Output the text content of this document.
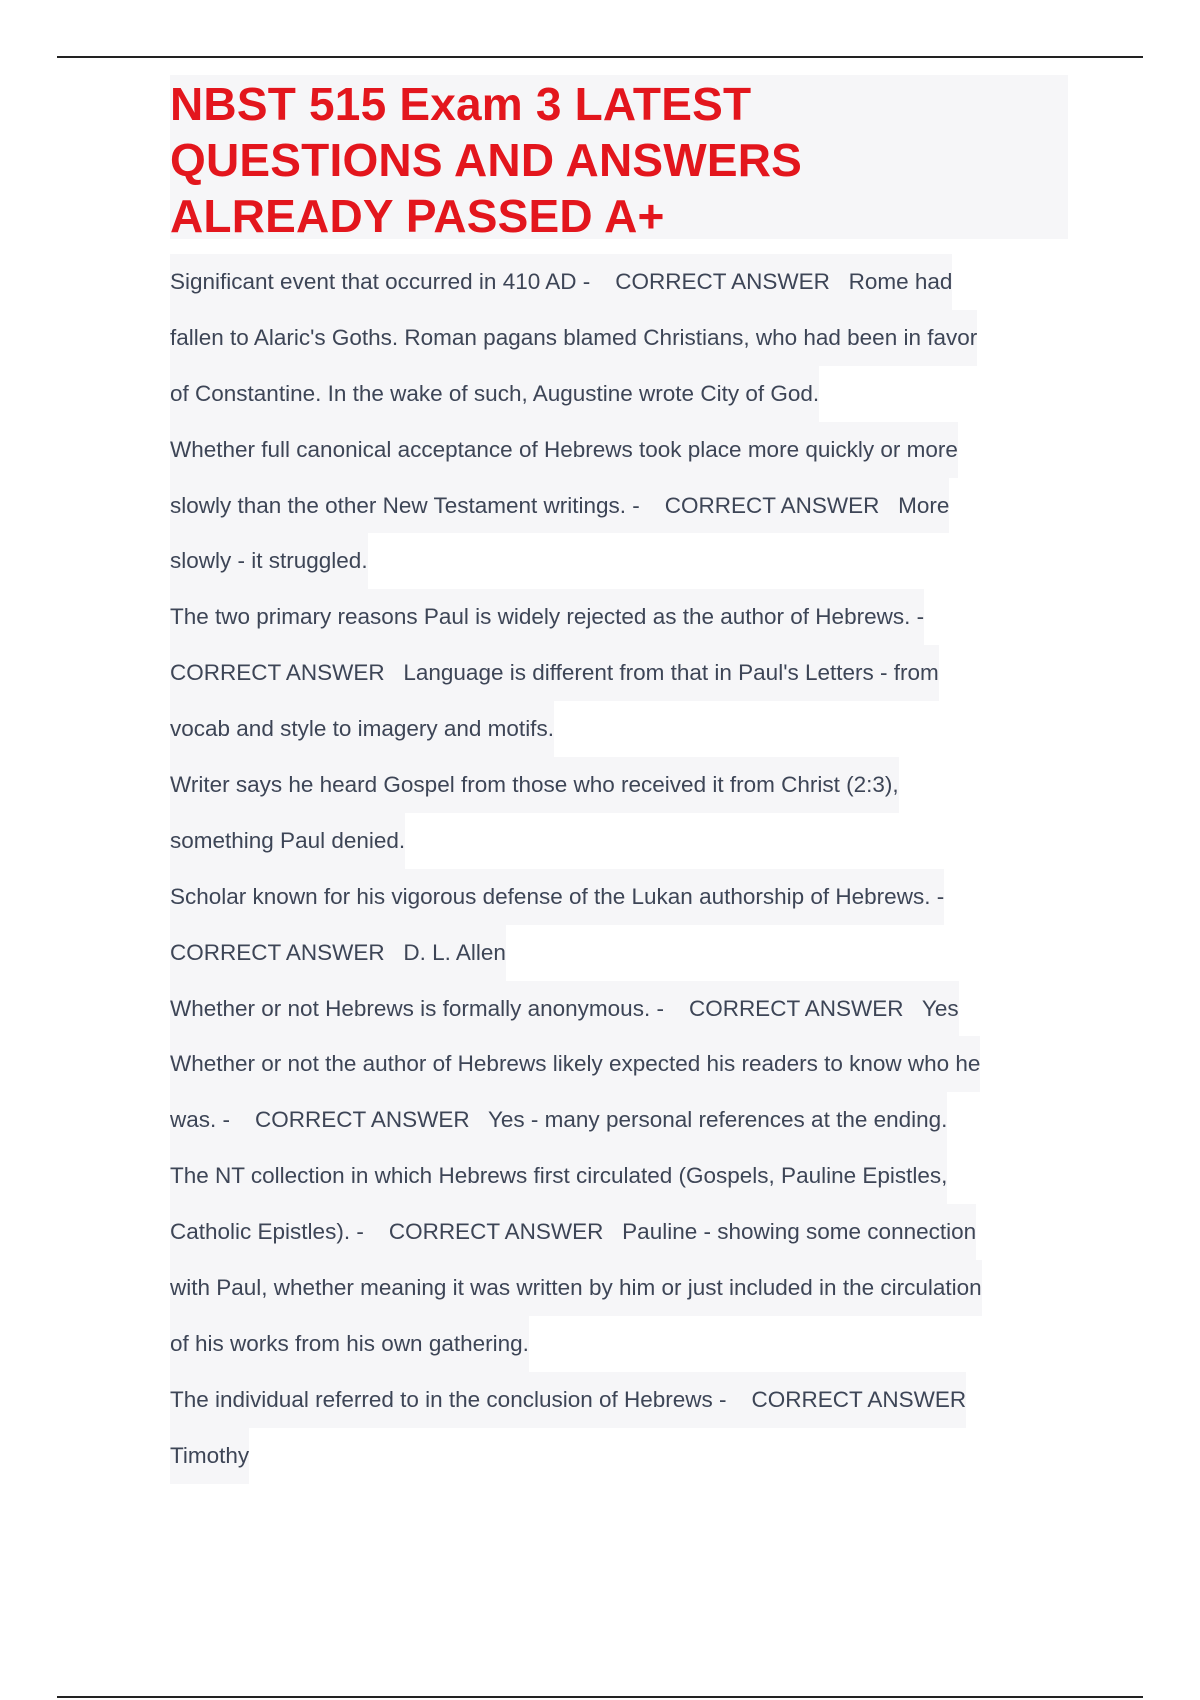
NBST 515 Exam 3 LATEST
QUESTIONS AND ANSWERS
ALREADY PASSED A+
Significant event that occurred in 410 AD -    CORRECT ANSWER   Rome had
fallen to Alaric's Goths. Roman pagans blamed Christians, who had been in favor
of Constantine. In the wake of such, Augustine wrote City of God.
Whether full canonical acceptance of Hebrews took place more quickly or more
slowly than the other New Testament writings. -    CORRECT ANSWER   More
slowly - it struggled.
The two primary reasons Paul is widely rejected as the author of Hebrews. -
CORRECT ANSWER   Language is different from that in Paul's Letters - from
vocab and style to imagery and motifs.
Writer says he heard Gospel from those who received it from Christ (2:3),
something Paul denied.
Scholar known for his vigorous defense of the Lukan authorship of Hebrews. -
CORRECT ANSWER   D. L. Allen
Whether or not Hebrews is formally anonymous. -    CORRECT ANSWER   Yes
Whether or not the author of Hebrews likely expected his readers to know who he
was. -    CORRECT ANSWER   Yes - many personal references at the ending.
The NT collection in which Hebrews first circulated (Gospels, Pauline Epistles,
Catholic Epistles). -    CORRECT ANSWER   Pauline - showing some connection
with Paul, whether meaning it was written by him or just included in the circulation
of his works from his own gathering.
The individual referred to in the conclusion of Hebrews -    CORRECT ANSWER
Timothy
